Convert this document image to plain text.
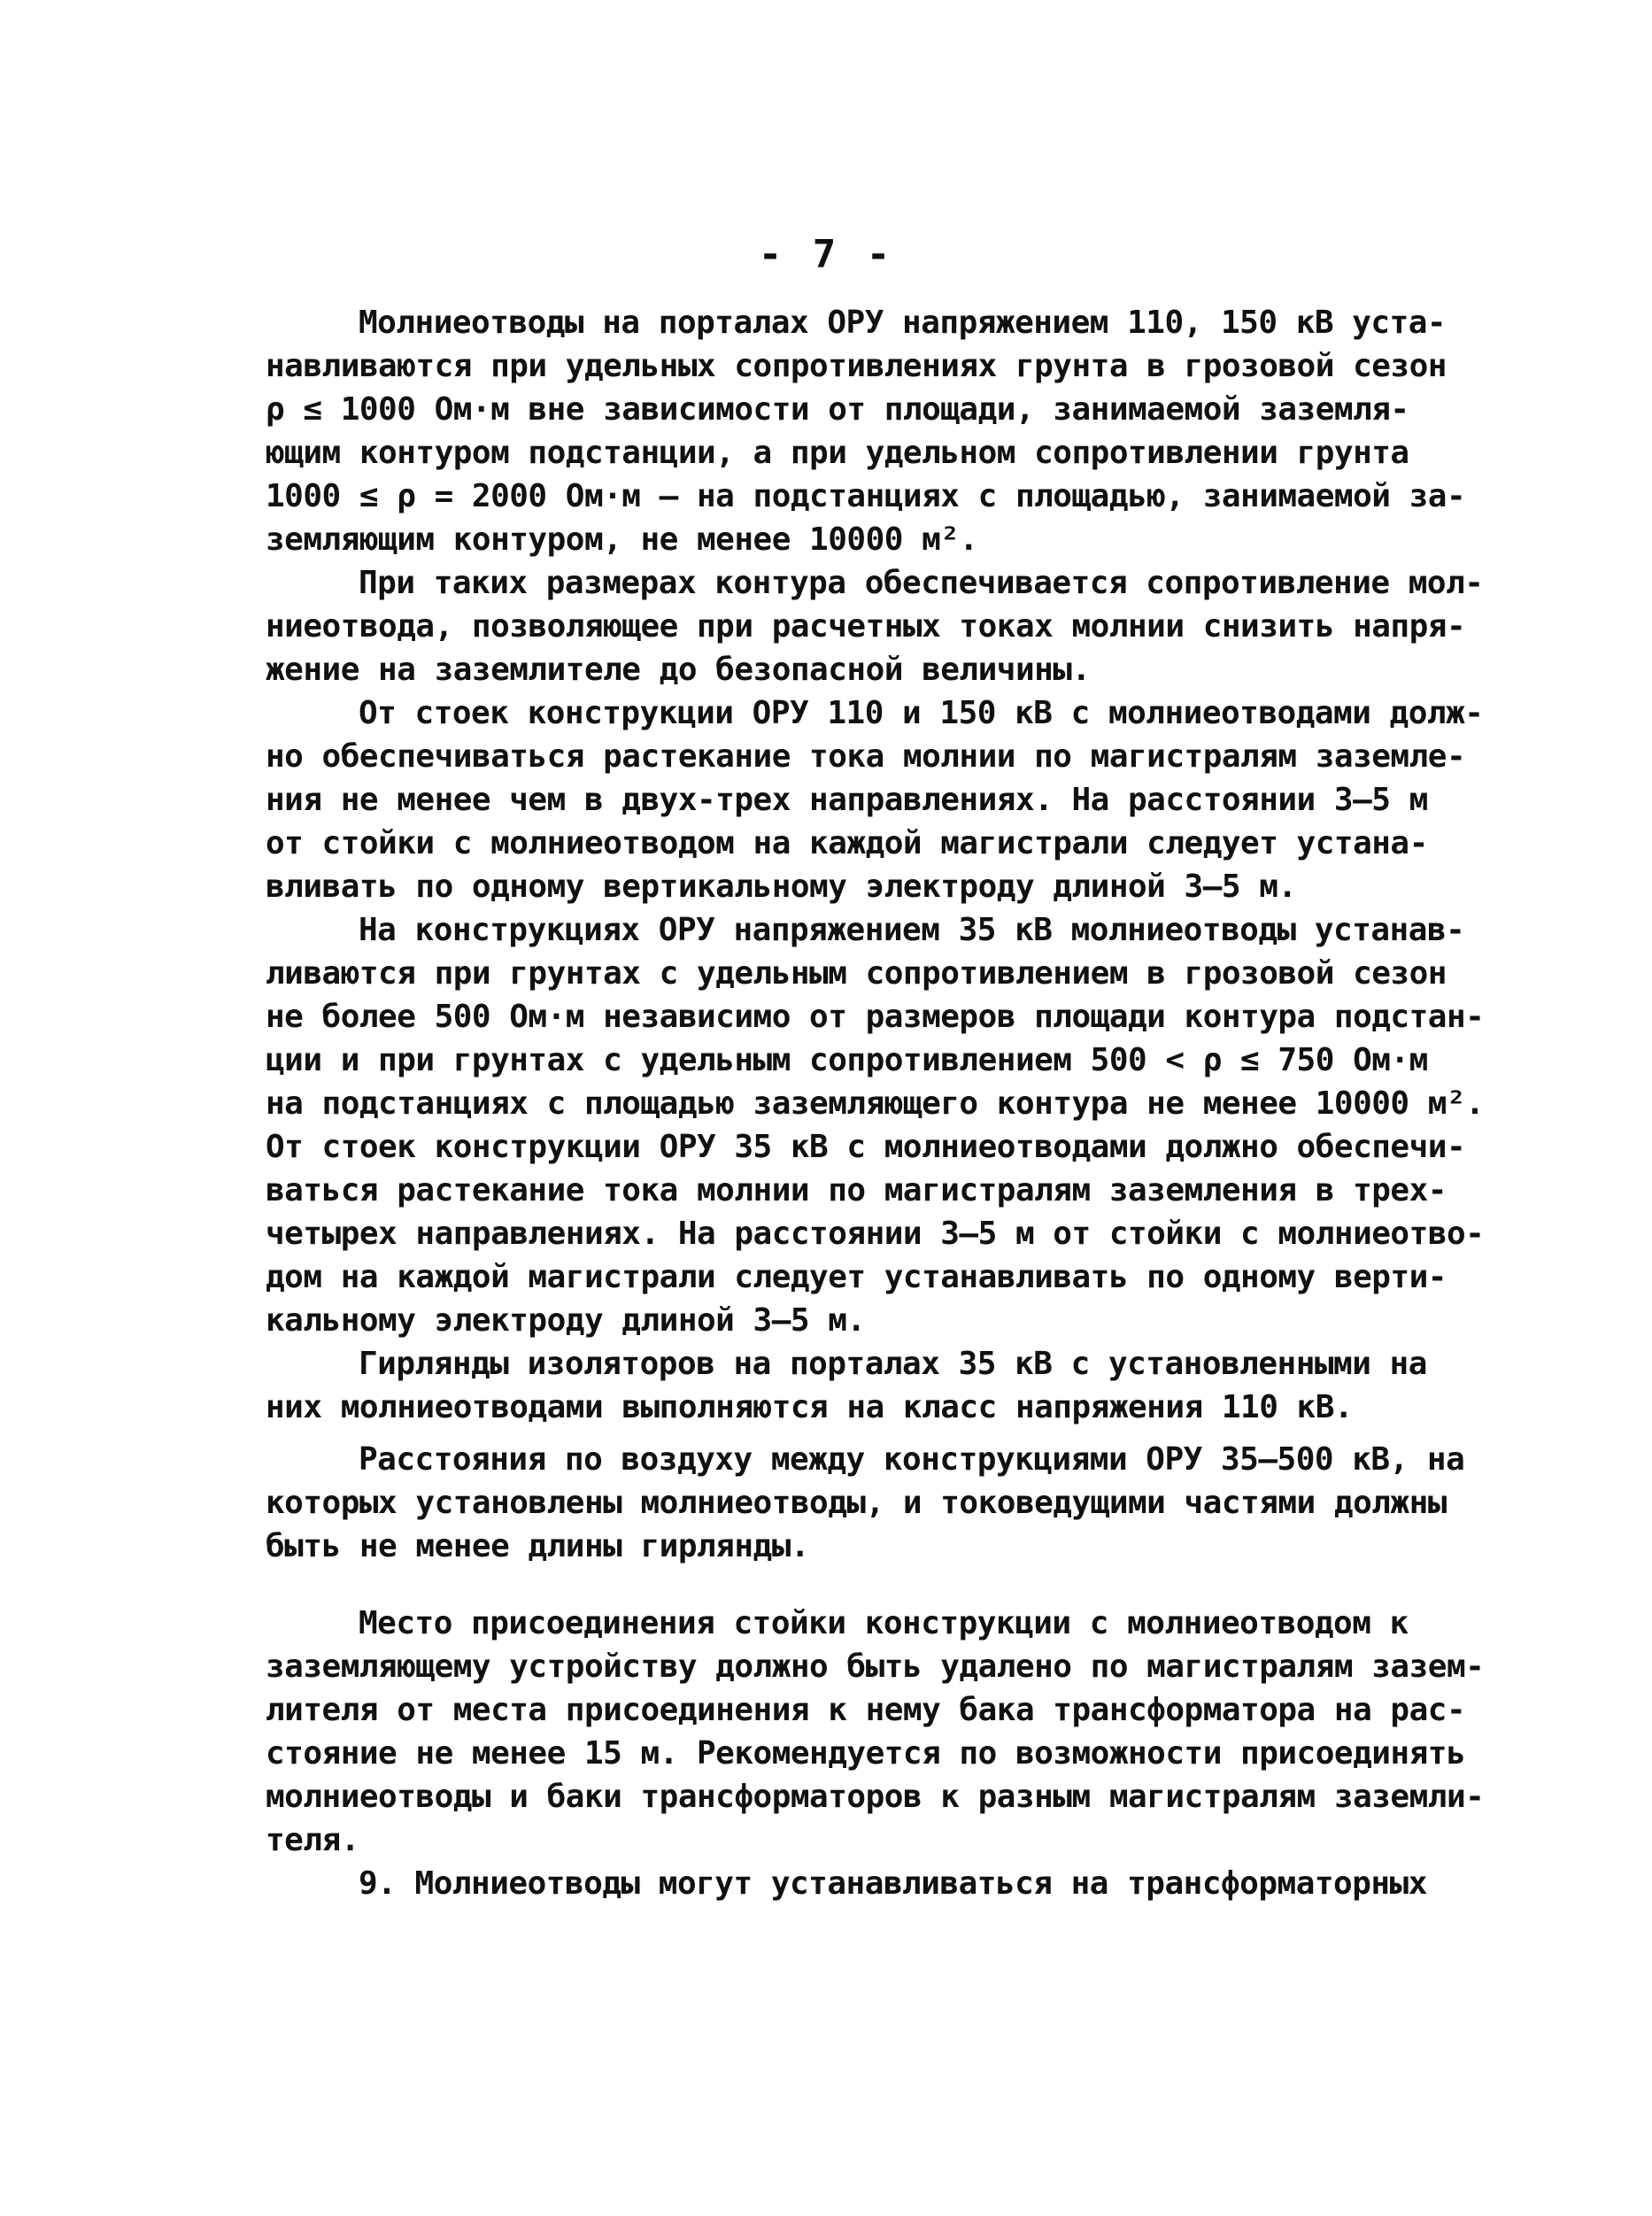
- 7 -
Молниеотводы на порталах ОРУ напряжением 110, 150 кВ уста-
навливаются при удельных сопротивлениях грунта в грозовой сезон
ρ ≤ 1000 Ом·м вне зависимости от площади, занимаемой заземля-
ющим контуром подстанции, а при удельном сопротивлении грунта
1000 ≤ ρ = 2000 Ом·м – на подстанциях с площадью, занимаемой за-
земляющим контуром, не менее 10000 м².
При таких размерах контура обеспечивается сопротивление мол-
ниеотвода, позволяющее при расчетных токах молнии снизить напря-
жение на заземлителе до безопасной величины.
От стоек конструкции ОРУ 110 и 150 кВ с молниеотводами долж-
но обеспечиваться растекание тока молнии по магистралям заземле-
ния не менее чем в двух-трех направлениях. На расстоянии 3–5 м
от стойки с молниеотводом на каждой магистрали следует устана-
вливать по одному вертикальному электроду длиной 3–5 м.
На конструкциях ОРУ напряжением 35 кВ молниеотводы устанав-
ливаются при грунтах с удельным сопротивлением в грозовой сезон
не более 500 Ом·м независимо от размеров площади контура подстан-
ции и при грунтах с удельным сопротивлением 500 < ρ ≤ 750 Ом·м
на подстанциях с площадью заземляющего контура не менее 10000 м².
От стоек конструкции ОРУ 35 кВ с молниеотводами должно обеспечи-
ваться растекание тока молнии по магистралям заземления в трех-
четырех направлениях. На расстоянии 3–5 м от стойки с молниеотво-
дом на каждой магистрали следует устанавливать по одному верти-
кальному электроду длиной 3–5 м.
Гирлянды изоляторов на порталах 35 кВ с установленными на
них молниеотводами выполняются на класс напряжения 110 кВ.
Расстояния по воздуху между конструкциями ОРУ 35–500 кВ, на
которых установлены молниеотводы, и токоведущими частями должны
быть не менее длины гирлянды.
Место присоединения стойки конструкции с молниеотводом к
заземляющему устройству должно быть удалено по магистралям зазем-
лителя от места присоединения к нему бака трансформатора на рас-
стояние не менее 15 м. Рекомендуется по возможности присоединять
молниеотводы и баки трансформаторов к разным магистралям заземли-
теля.
9. Молниеотводы могут устанавливаться на трансформаторных
